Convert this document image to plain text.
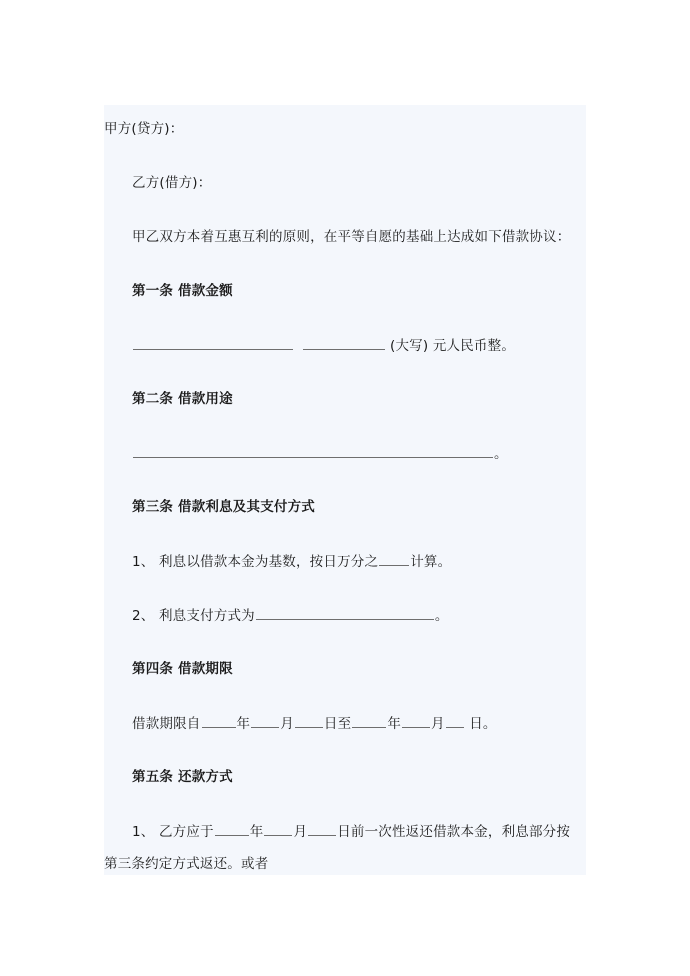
甲方(贷方)：
乙方(借方)：
甲乙双方本着互惠互利的原则，在平等自愿的基础上达成如下借款协议：
第一条 借款金额
(大写) 元人民币整。
第二条 借款用途
。
第三条 借款利息及其支付方式
1、 利息以借款本金为基数，按日万分之 计算。
2、 利息支付方式为	。
第四条 借款期限
借款期限自	年 月 日至	年 月 日。
第五条 还款方式
1、 乙方应于	年 月 日前一次性返还借款本金，利息部分按
第三条约定方式返还。或者
